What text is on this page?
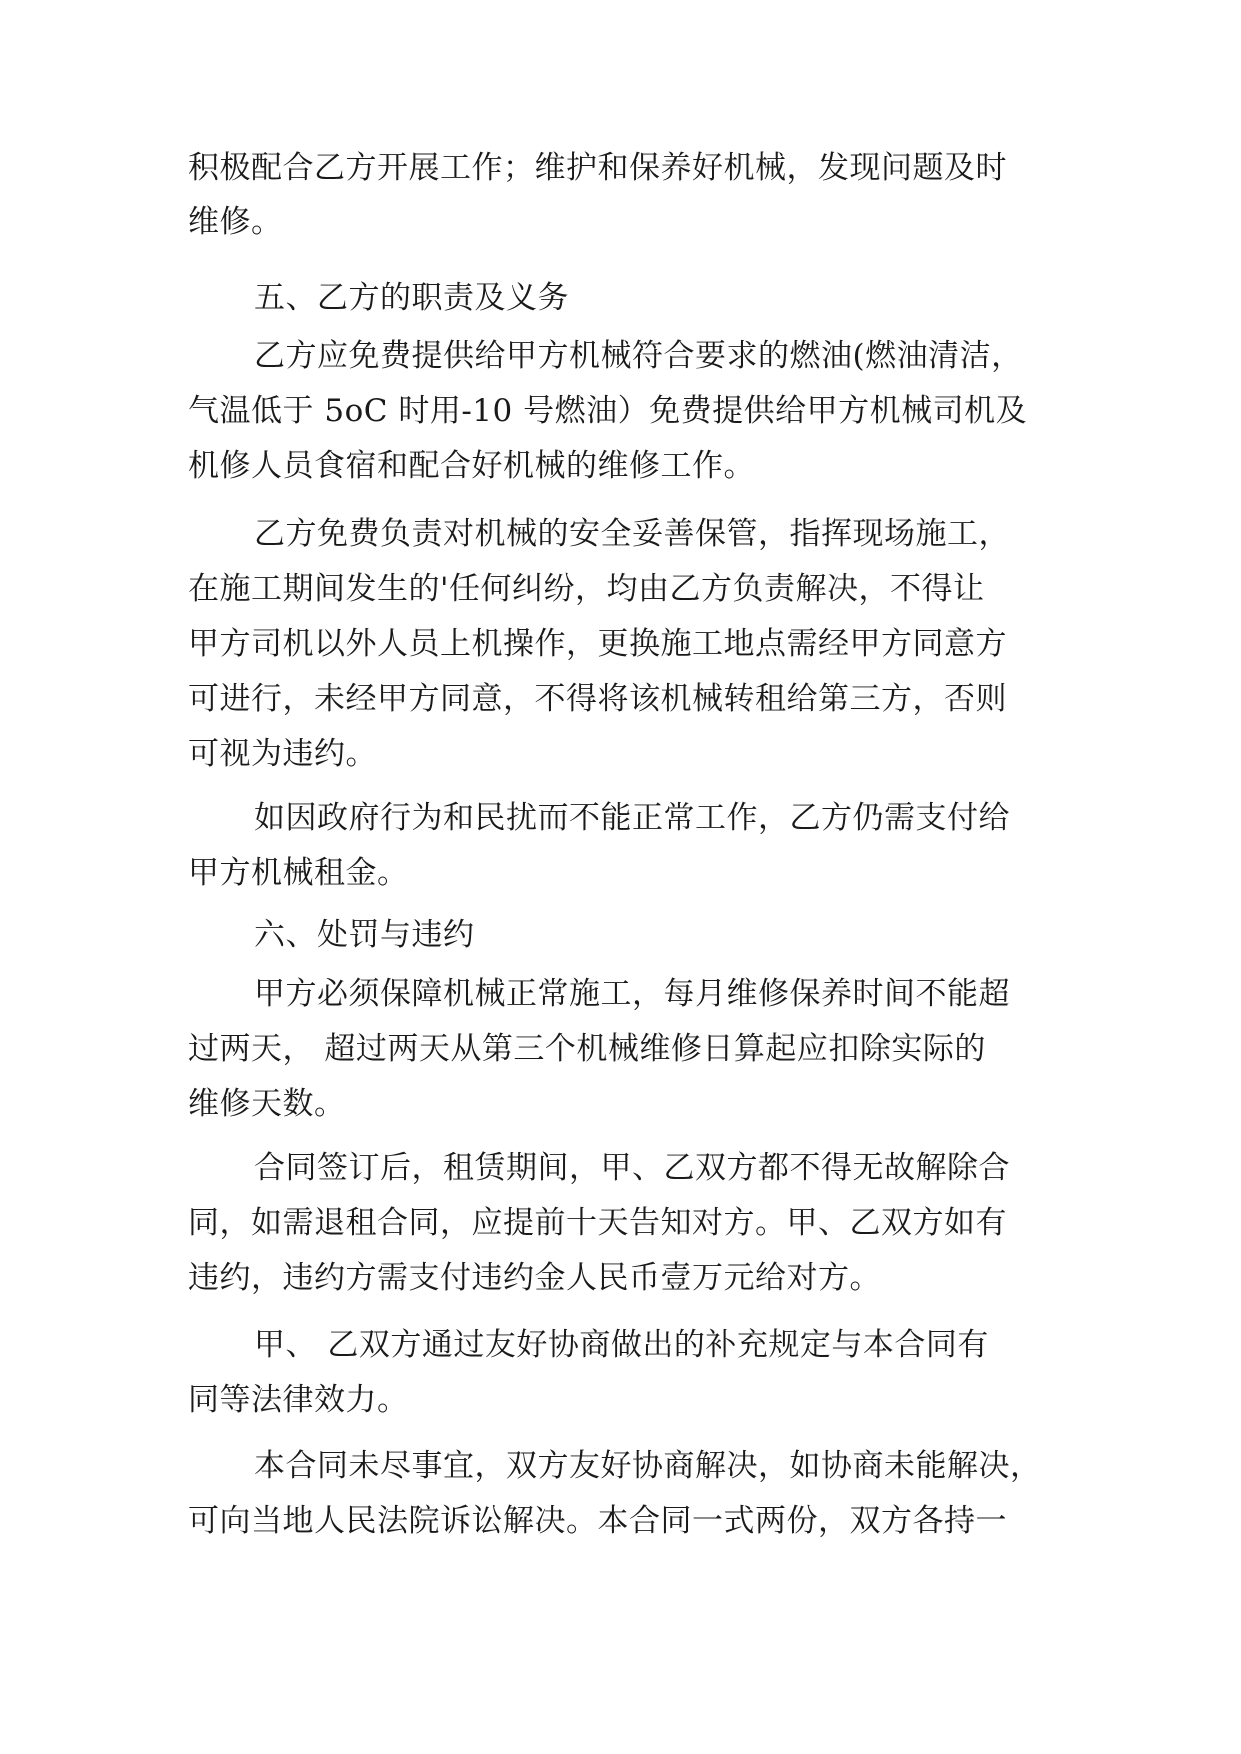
积极配合乙方开展工作；维护和保养好机械，发现问题及时
维修。
五、乙方的职责及义务
乙方应免费提供给甲方机械符合要求的燃油(燃油清洁，
气温低于 5oC 时用-10 号燃油）免费提供给甲方机械司机及
机修人员食宿和配合好机械的维修工作。
乙方免费负责对机械的安全妥善保管，指挥现场施工，
在施工期间发生的'任何纠纷，均由乙方负责解决，不得让
甲方司机以外人员上机操作，更换施工地点需经甲方同意方
可进行，未经甲方同意，不得将该机械转租给第三方，否则
可视为违约。
如因政府行为和民扰而不能正常工作，乙方仍需支付给
甲方机械租金。
六、处罚与违约
甲方必须保障机械正常施工，每月维修保养时间不能超
过两天， 超过两天从第三个机械维修日算起应扣除实际的
维修天数。
合同签订后，租赁期间，甲、乙双方都不得无故解除合
同，如需退租合同，应提前十天告知对方。甲、乙双方如有
违约，违约方需支付违约金人民币壹万元给对方。
甲、 乙双方通过友好协商做出的补充规定与本合同有
同等法律效力。
本合同未尽事宜，双方友好协商解决，如协商未能解决，
可向当地人民法院诉讼解决。本合同一式两份，双方各持一
